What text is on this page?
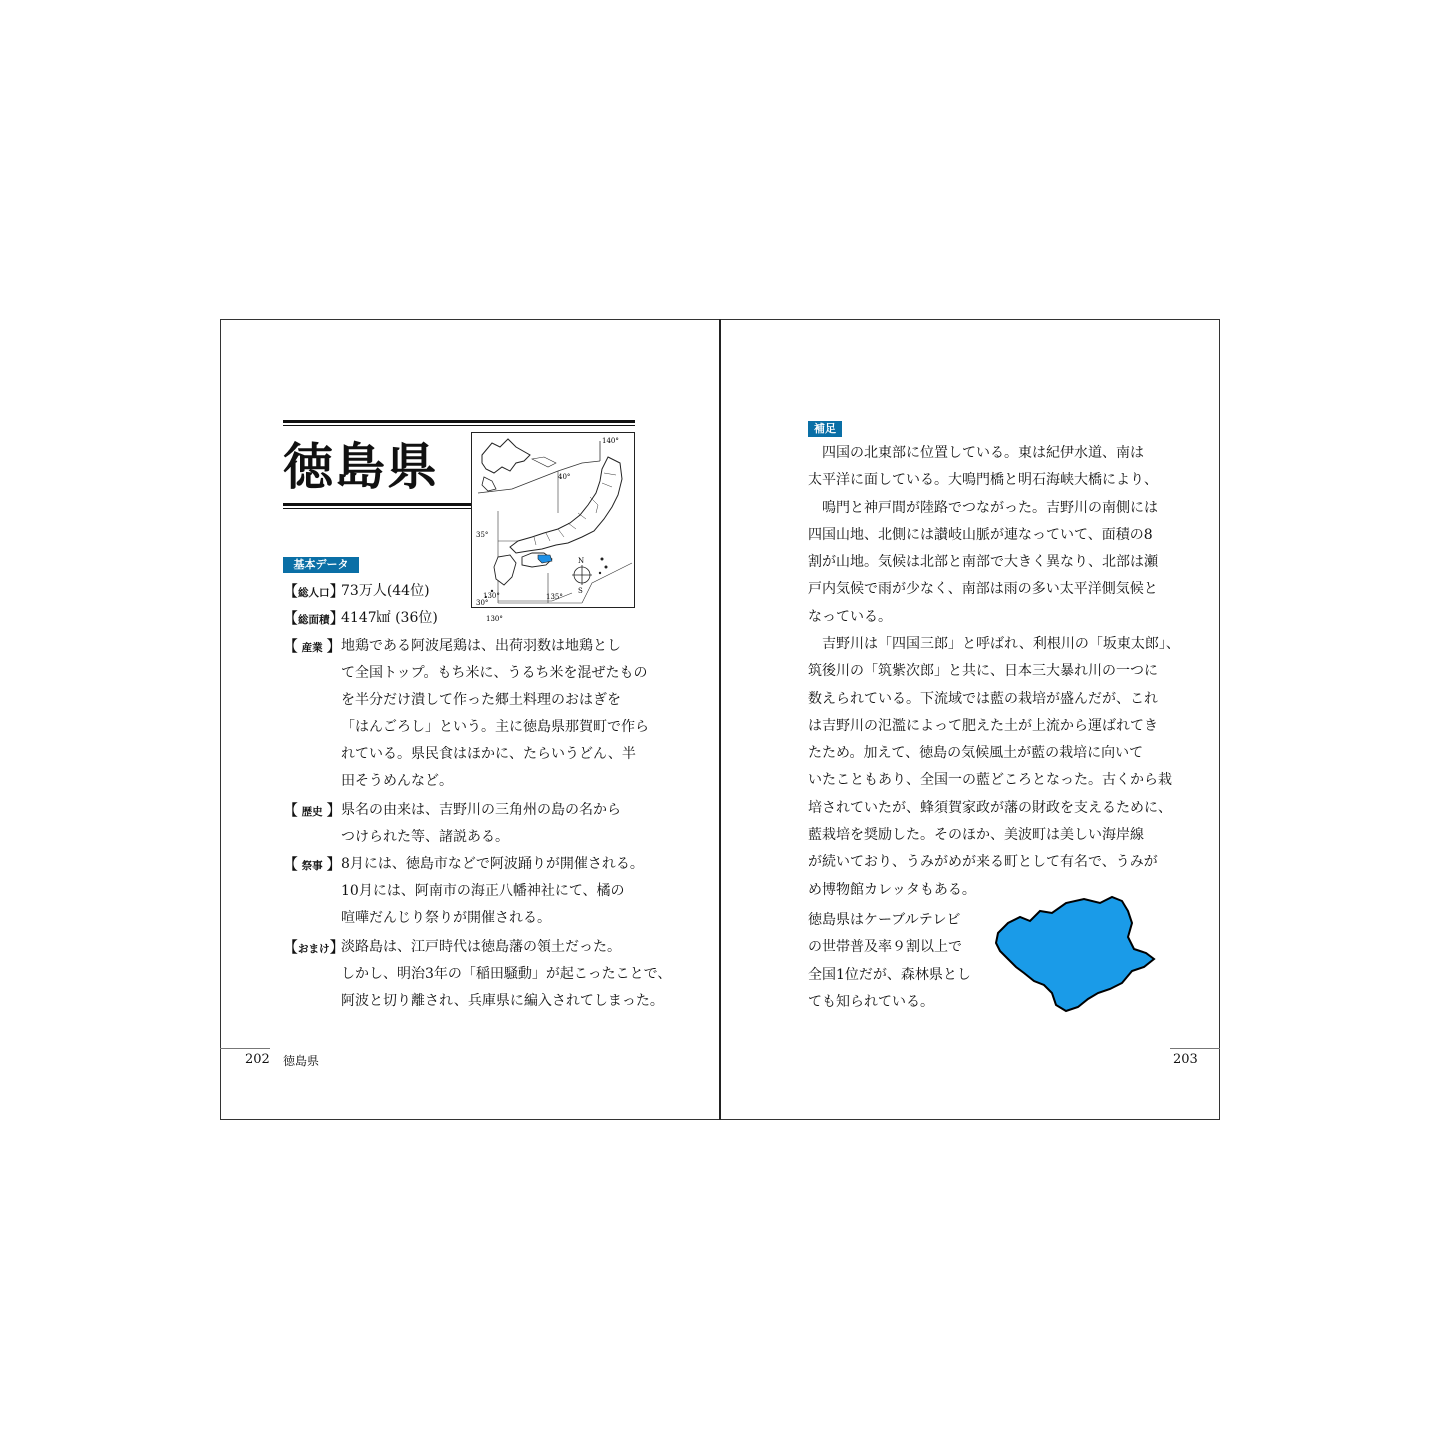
徳島県	140°
40°
35°
30°
135°
130°
N
S
130°
基本データ
【総人口】
73万人(44位)
【総面積】
4147㎢ (36位)
【 産業 】 地鶏である阿波尾鶏は、出荷羽数は地鶏とし
て全国トップ。もち米に、うるち米を混ぜたもの
を半分だけ潰して作った郷土料理のおはぎを
「はんごろし」という。主に徳島県那賀町で作ら
れている。県民食はほかに、たらいうどん、半
田そうめんなど。
【 歴史 】 県名の由来は、吉野川の三角州の島の名から
つけられた等、諸説ある。
【 祭事 】 8月には、徳島市などで阿波踊りが開催される。
10月には、阿南市の海正八幡神社にて、橘の
喧嘩だんじり祭りが開催される。
【おまけ】
淡路島は、江戸時代は徳島藩の領土だった。
しかし、明治3年の「稲田騒動」が起こったことで、
阿波と切り離され、兵庫県に編入されてしまった。
202 徳島県
補足
　四国の北東部に位置している。東は紀伊水道、南は
太平洋に面している。大鳴門橋と明石海峡大橋により、
　鳴門と神戸間が陸路でつながった。吉野川の南側には
四国山地、北側には讃岐山脈が連なっていて、面積の8
割が山地。気候は北部と南部で大きく異なり、北部は瀬
戸内気候で雨が少なく、南部は雨の多い太平洋側気候と
なっている。
　吉野川は「四国三郎」と呼ばれ、利根川の「坂東太郎」、
筑後川の「筑紫次郎」と共に、日本三大暴れ川の一つに
数えられている。下流域では藍の栽培が盛んだが、これ
は吉野川の氾濫によって肥えた土が上流から運ばれてき
たため。加えて、徳島の気候風土が藍の栽培に向いて
いたこともあり、全国一の藍どころとなった。古くから栽
培されていたが、蜂須賀家政が藩の財政を支えるために、
藍栽培を奨励した。そのほか、美波町は美しい海岸線
が続いており、うみがめが来る町として有名で、うみが
め博物館カレッタもある。
徳島県はケーブルテレビ
の世帯普及率９割以上で
全国1位だが、森林県とし
ても知られている。
203
